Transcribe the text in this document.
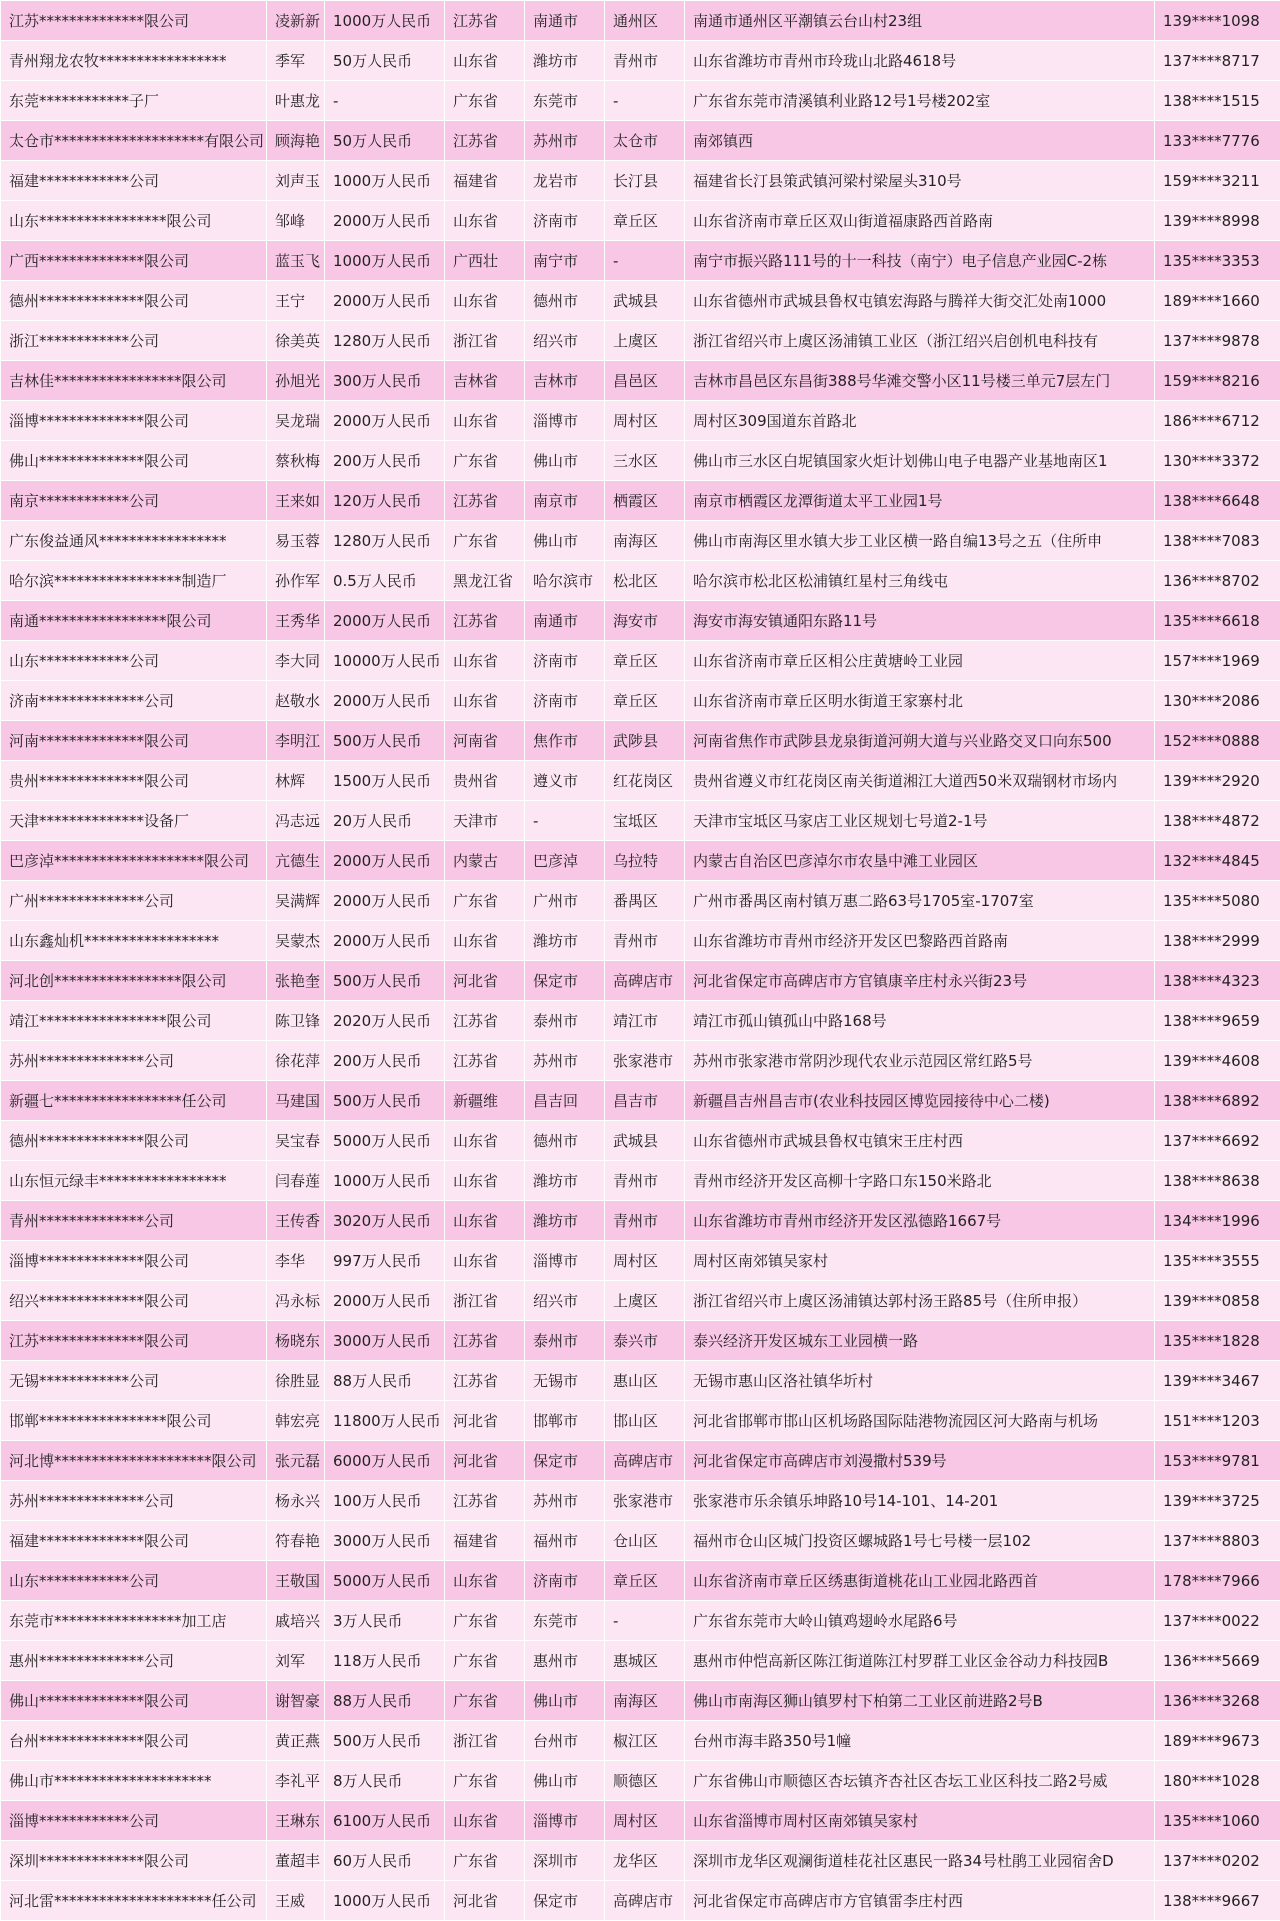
江苏**************限公司	凌新新	1000万人民币	江苏省	南通市	通州区	南通市通州区平潮镇云台山村23组	139****1098
青州翔龙农牧*****************	季军	50万人民币	山东省	潍坊市	青州市	山东省潍坊市青州市玲珑山北路4618号	137****8717
东莞************子厂	叶惠龙	-	广东省	东莞市	-	广东省东莞市清溪镇利业路12号1号楼202室	138****1515
太仓市********************有限公司	顾海艳	50万人民币	江苏省	苏州市	太仓市	南郊镇西	133****7776
福建************公司	刘声玉	1000万人民币	福建省	龙岩市	长汀县	福建省长汀县策武镇河梁村梁屋头310号	159****3211
山东*****************限公司	邹峰	2000万人民币	山东省	济南市	章丘区	山东省济南市章丘区双山街道福康路西首路南	139****8998
广西**************限公司	蓝玉飞	1000万人民币	广西壮	南宁市	-	南宁市振兴路111号的十一科技（南宁）电子信息产业园C-2栋	135****3353
德州**************限公司	王宁	2000万人民币	山东省	德州市	武城县	山东省德州市武城县鲁权屯镇宏海路与腾祥大街交汇处南1000	189****1660
浙江************公司	徐美英	1280万人民币	浙江省	绍兴市	上虞区	浙江省绍兴市上虞区汤浦镇工业区（浙江绍兴启创机电科技有	137****9878
吉林佳*****************限公司	孙旭光	300万人民币	吉林省	吉林市	昌邑区	吉林市昌邑区东昌街388号华滩交警小区11号楼三单元7层左门	159****8216
淄博**************限公司	吴龙瑞	2000万人民币	山东省	淄博市	周村区	周村区309国道东首路北	186****6712
佛山**************限公司	蔡秋梅	200万人民币	广东省	佛山市	三水区	佛山市三水区白坭镇国家火炬计划佛山电子电器产业基地南区1	130****3372
南京************公司	王来如	120万人民币	江苏省	南京市	栖霞区	南京市栖霞区龙潭街道太平工业园1号	138****6648
广东俊益通风*****************	易玉蓉	1280万人民币	广东省	佛山市	南海区	佛山市南海区里水镇大步工业区横一路自编13号之五（住所申	138****7083
哈尔滨*****************制造厂	孙作军	0.5万人民币	黑龙江省	哈尔滨市	松北区	哈尔滨市松北区松浦镇红星村三角线屯	136****8702
南通*****************限公司	王秀华	2000万人民币	江苏省	南通市	海安市	海安市海安镇通阳东路11号	135****6618
山东************公司	李大同	10000万人民币	山东省	济南市	章丘区	山东省济南市章丘区相公庄黄塘岭工业园	157****1969
济南**************公司	赵敬水	2000万人民币	山东省	济南市	章丘区	山东省济南市章丘区明水街道王家寨村北	130****2086
河南**************限公司	李明江	500万人民币	河南省	焦作市	武陟县	河南省焦作市武陟县龙泉街道河朔大道与兴业路交叉口向东500	152****0888
贵州**************限公司	林辉	1500万人民币	贵州省	遵义市	红花岗区	贵州省遵义市红花岗区南关街道湘江大道西50米双瑞钢材市场内	139****2920
天津**************设备厂	冯志远	20万人民币	天津市	-	宝坻区	天津市宝坻区马家店工业区规划七号道2-1号	138****4872
巴彦淖********************限公司	亢德生	2000万人民币	内蒙古	巴彦淖	乌拉特	内蒙古自治区巴彦淖尔市农垦中滩工业园区	132****4845
广州**************公司	吴满辉	2000万人民币	广东省	广州市	番禺区	广州市番禺区南村镇万惠二路63号1705室-1707室	135****5080
山东鑫灿机******************	吴蒙杰	2000万人民币	山东省	潍坊市	青州市	山东省潍坊市青州市经济开发区巴黎路西首路南	138****2999
河北创*****************限公司	张艳奎	500万人民币	河北省	保定市	高碑店市	河北省保定市高碑店市方官镇康辛庄村永兴街23号	138****4323
靖江*****************限公司	陈卫锋	2020万人民币	江苏省	泰州市	靖江市	靖江市孤山镇孤山中路168号	138****9659
苏州**************公司	徐花萍	200万人民币	江苏省	苏州市	张家港市	苏州市张家港市常阴沙现代农业示范园区常红路5号	139****4608
新疆七*****************任公司	马建国	500万人民币	新疆维	昌吉回	昌吉市	新疆昌吉州昌吉市(农业科技园区博览园接待中心二楼)	138****6892
德州**************限公司	吴宝春	5000万人民币	山东省	德州市	武城县	山东省德州市武城县鲁权屯镇宋王庄村西	137****6692
山东恒元绿丰*****************	闫春莲	1000万人民币	山东省	潍坊市	青州市	青州市经济开发区高柳十字路口东150米路北	138****8638
青州**************公司	王传香	3020万人民币	山东省	潍坊市	青州市	山东省潍坊市青州市经济开发区泓德路1667号	134****1996
淄博**************限公司	李华	997万人民币	山东省	淄博市	周村区	周村区南郊镇吴家村	135****3555
绍兴**************限公司	冯永标	2000万人民币	浙江省	绍兴市	上虞区	浙江省绍兴市上虞区汤浦镇达郭村汤王路85号（住所申报）	139****0858
江苏**************限公司	杨晓东	3000万人民币	江苏省	泰州市	泰兴市	泰兴经济开发区城东工业园横一路	135****1828
无锡************公司	徐胜显	88万人民币	江苏省	无锡市	惠山区	无锡市惠山区洛社镇华圻村	139****3467
邯郸*****************限公司	韩宏亮	11800万人民币	河北省	邯郸市	邯山区	河北省邯郸市邯山区机场路国际陆港物流园区河大路南与机场	151****1203
河北博*********************限公司	张元磊	6000万人民币	河北省	保定市	高碑店市	河北省保定市高碑店市刘漫撒村539号	153****9781
苏州**************公司	杨永兴	100万人民币	江苏省	苏州市	张家港市	张家港市乐余镇乐坤路10号14-101、14-201	139****3725
福建**************限公司	符春艳	3000万人民币	福建省	福州市	仓山区	福州市仓山区城门投资区螺城路1号七号楼一层102	137****8803
山东************公司	王敬国	5000万人民币	山东省	济南市	章丘区	山东省济南市章丘区绣惠街道桃花山工业园北路西首	178****7966
东莞市*****************加工店	戚培兴	3万人民币	广东省	东莞市	-	广东省东莞市大岭山镇鸡翅岭水尾路6号	137****0022
惠州**************公司	刘军	118万人民币	广东省	惠州市	惠城区	惠州市仲恺高新区陈江街道陈江村罗群工业区金谷动力科技园B	136****5669
佛山**************限公司	谢智豪	88万人民币	广东省	佛山市	南海区	佛山市南海区狮山镇罗村下柏第二工业区前进路2号B	136****3268
台州**************限公司	黄正燕	500万人民币	浙江省	台州市	椒江区	台州市海丰路350号1幢	189****9673
佛山市*********************	李礼平	8万人民币	广东省	佛山市	顺德区	广东省佛山市顺德区杏坛镇齐杏社区杏坛工业区科技二路2号威	180****1028
淄博************公司	王琳东	6100万人民币	山东省	淄博市	周村区	山东省淄博市周村区南郊镇吴家村	135****1060
深圳**************限公司	董超丰	60万人民币	广东省	深圳市	龙华区	深圳市龙华区观澜街道桂花社区惠民一路34号杜鹃工业园宿舍D	137****0202
河北雷*********************任公司	王威	1000万人民币	河北省	保定市	高碑店市	河北省保定市高碑店市方官镇雷李庄村西	138****9667
